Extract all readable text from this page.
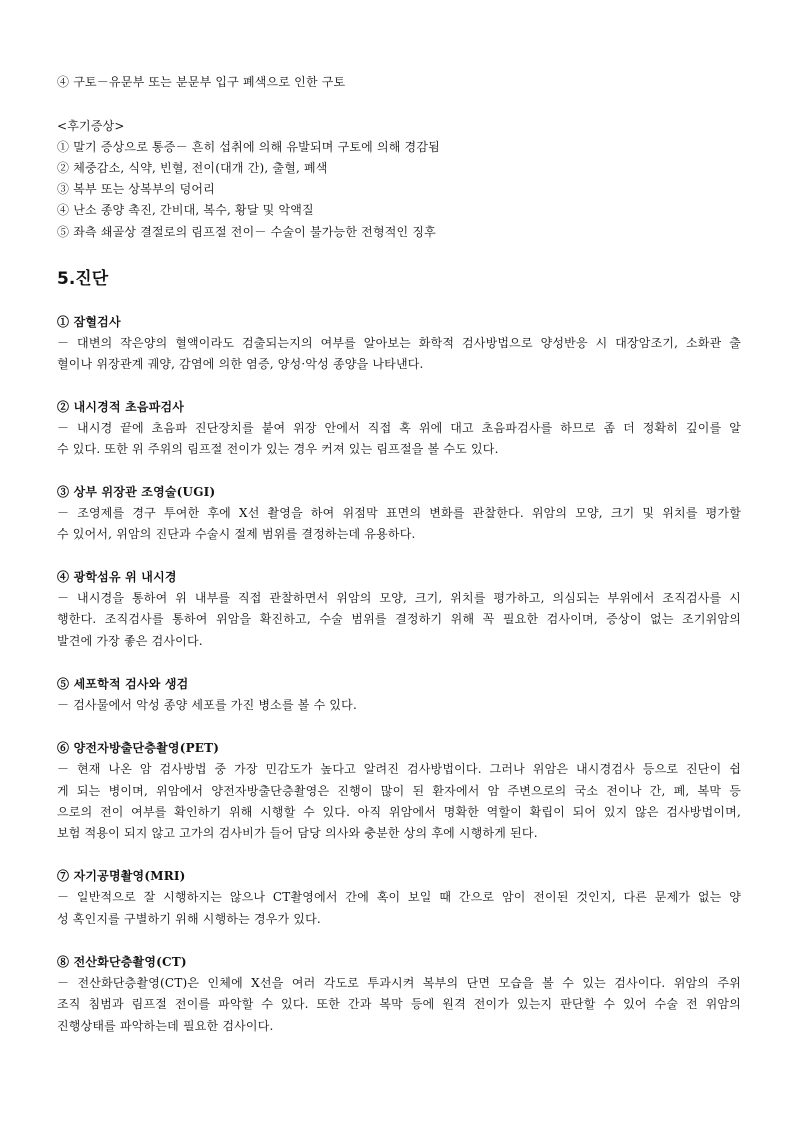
④ 구토－유문부 또는 분문부 입구 폐색으로 인한 구토
<후기증상>
① 말기 증상으로 통증－ 흔히 섭취에 의해 유발되며 구토에 의해 경감됨
② 체중감소, 식약, 빈혈, 전이(대개 간), 출혈, 폐색
③ 복부 또는 상복부의 덩어리
④ 난소 종양 촉진, 간비대, 복수, 황달 및 악액질
⑤ 좌측 쇄골상 결절로의 림프절 전이－ 수술이 불가능한 전형적인 징후
5.진단
① 잠혈검사
－ 대변의 작은양의 혈액이라도 검출되는지의 여부를 알아보는 화학적 검사방법으로 양성반응 시 대장암조기, 소화관 출
혈이나 위장관계 궤양, 감염에 의한 염증, 양성·악성 종양을 나타낸다.
② 내시경적 초음파검사
－ 내시경 끝에 초음파 진단장치를 붙여 위장 안에서 직접 혹 위에 대고 초음파검사를 하므로 좀 더 정확히 깊이를 알
수 있다. 또한 위 주위의 림프절 전이가 있는 경우 커져 있는 림프절을 볼 수도 있다.
③ 상부 위장관 조영술(UGI)
－ 조영제를 경구 투여한 후에 X선 촬영을 하여 위점막 표면의 변화를 관찰한다. 위암의 모양, 크기 및 위치를 평가할
수 있어서, 위암의 진단과 수술시 절제 범위를 결정하는데 유용하다.
④ 광학섬유 위 내시경
－ 내시경을 통하여 위 내부를 직접 관찰하면서 위암의 모양, 크기, 위치를 평가하고, 의심되는 부위에서 조직검사를 시
행한다. 조직검사를 통하여 위암을 확진하고, 수술 범위를 결정하기 위해 꼭 필요한 검사이며, 증상이 없는 조기위암의
발견에 가장 좋은 검사이다.
⑤ 세포학적 검사와 생검
－ 검사물에서 악성 종양 세포를 가진 병소를 볼 수 있다.
⑥ 양전자방출단층촬영(PET)
－ 현재 나온 암 검사방법 중 가장 민감도가 높다고 알려진 검사방법이다. 그러나 위암은 내시경검사 등으로 진단이 쉽
게 되는 병이며, 위암에서 양전자방출단층촬영은 진행이 많이 된 환자에서 암 주변으로의 국소 전이나 간, 폐, 복막 등
으로의 전이 여부를 확인하기 위해 시행할 수 있다. 아직 위암에서 명확한 역할이 확립이 되어 있지 않은 검사방법이며,
보험 적용이 되지 않고 고가의 검사비가 들어 담당 의사와 충분한 상의 후에 시행하게 된다.
⑦ 자기공명촬영(MRI)
－ 일반적으로 잘 시행하지는 않으나 CT촬영에서 간에 혹이 보일 때 간으로 암이 전이된 것인지, 다른 문제가 없는 양
성 혹인지를 구별하기 위해 시행하는 경우가 있다.
⑧ 전산화단층촬영(CT)
－ 전산화단층촬영(CT)은 인체에 X선을 여러 각도로 투과시켜 복부의 단면 모습을 볼 수 있는 검사이다. 위암의 주위
조직 침범과 림프절 전이를 파악할 수 있다. 또한 간과 복막 등에 원격 전이가 있는지 판단할 수 있어 수술 전 위암의
진행상태를 파악하는데 필요한 검사이다.
